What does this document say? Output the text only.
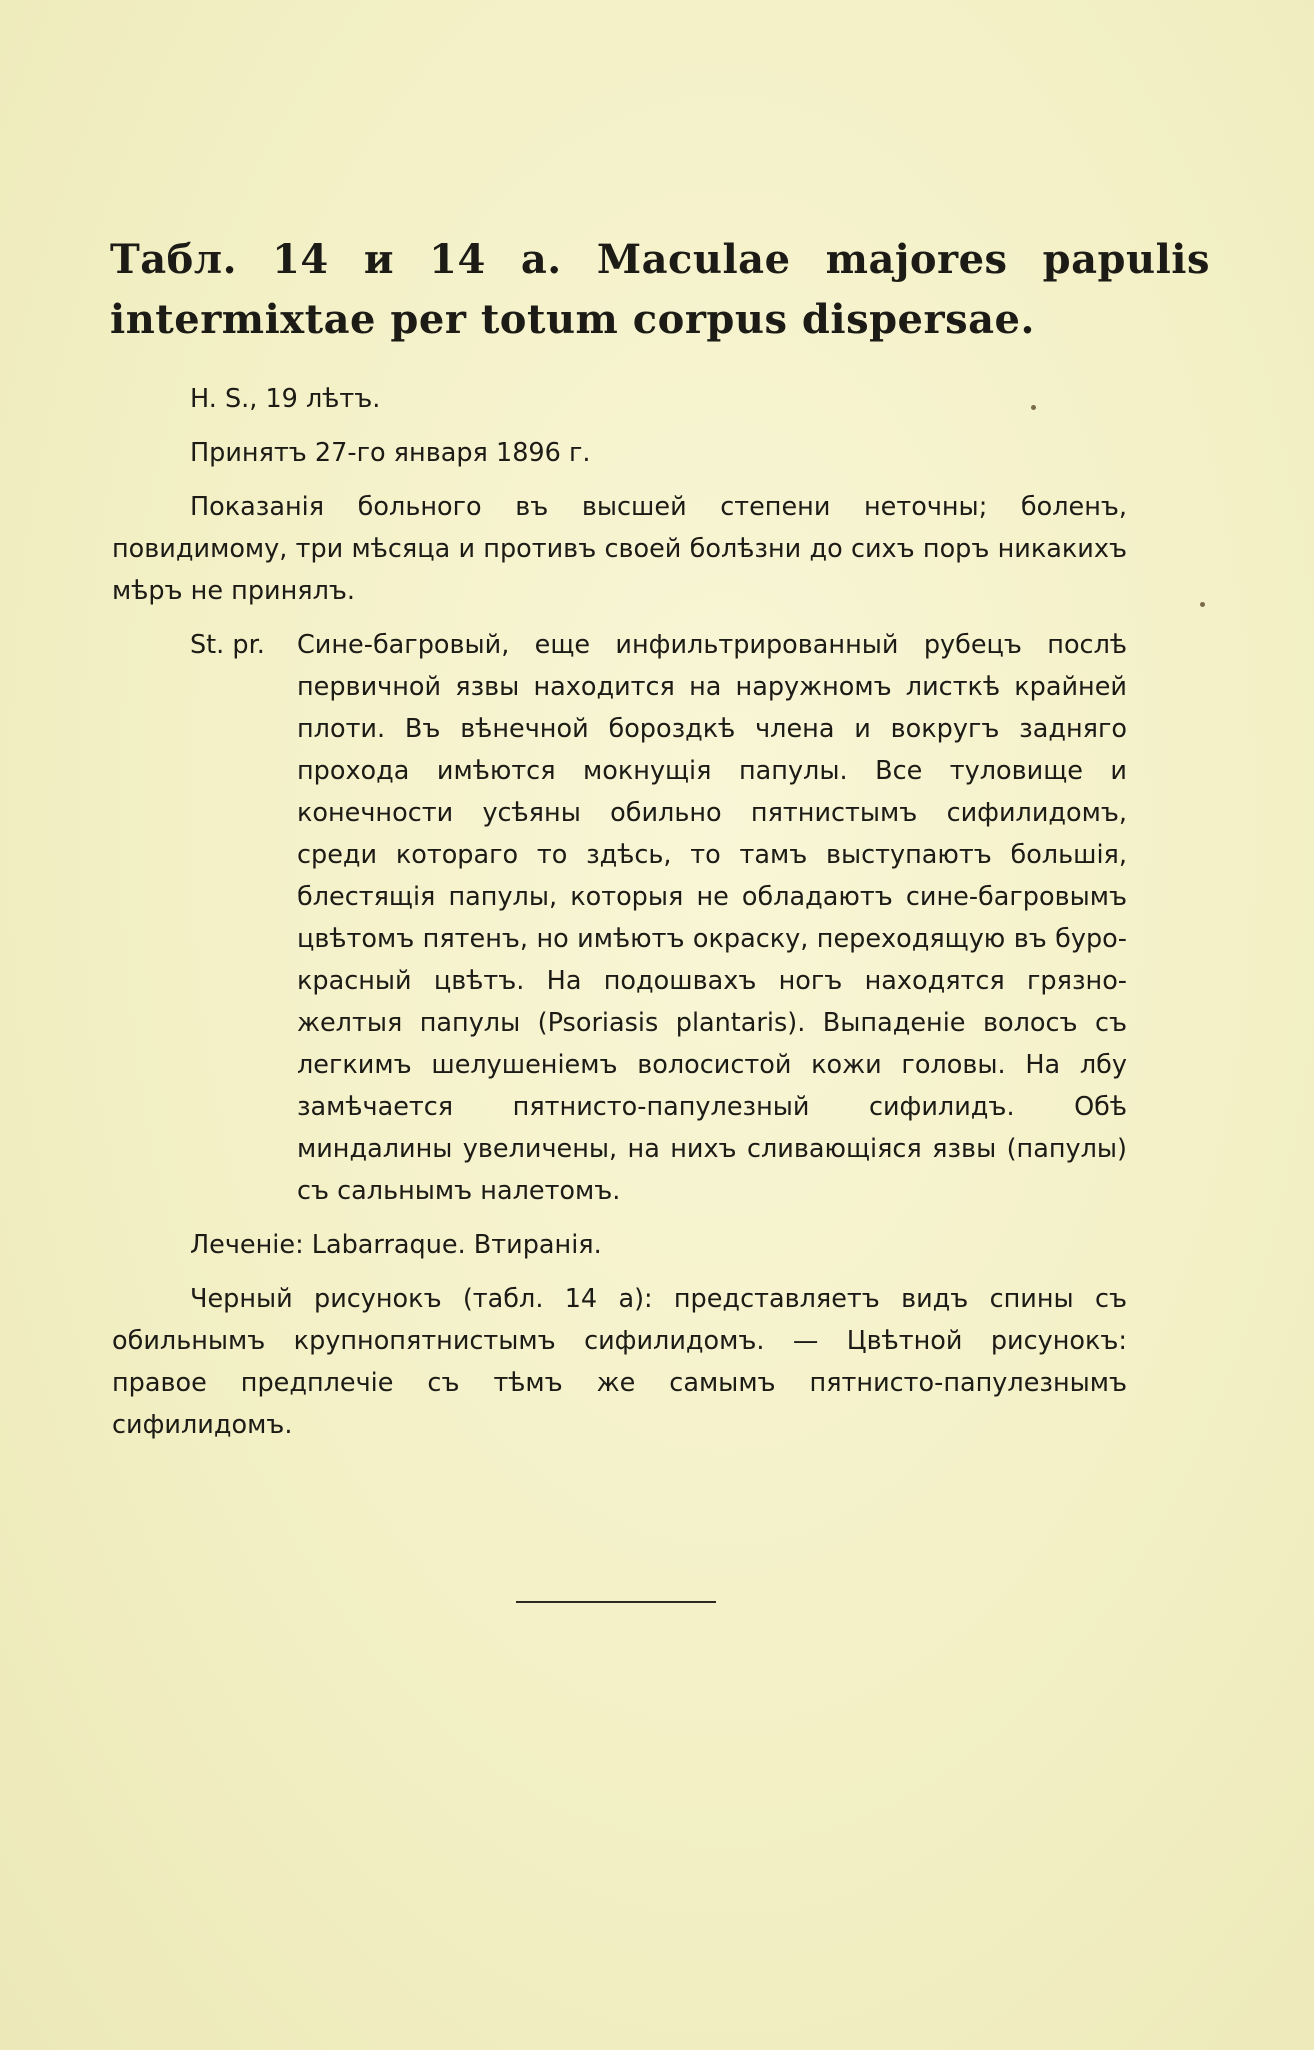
Табл. 14 и 14 a. Maculae majores papulis intermixtae per totum corpus dispersae.

H. S., 19 лѣтъ.

Принятъ 27-го января 1896 г.

Показанія больного въ высшей степени неточны; боленъ, повидимому, три мѣсяца и противъ своей болѣзни до сихъ поръ никакихъ мѣръ не принялъ.

St. pr.	Сине-багровый, еще инфильтрированный рубецъ послѣ первичной язвы находится на наружномъ листкѣ крайней плоти. Въ вѣнечной бороздкѣ члена и вокругъ задняго прохода имѣются мокнущія папулы. Все туловище и конечности усѣяны обильно пятнистымъ сифилидомъ, среди котораго то здѣсь, то тамъ выступаютъ большія, блестящія папулы, которыя не обладаютъ сине-багровымъ цвѣтомъ пятенъ, но имѣютъ окраску, переходящую въ буро-красный цвѣтъ. На подошвахъ ногъ находятся грязно-желтыя папулы (Psoriasis plantaris). Выпаденіе волосъ съ легкимъ шелушеніемъ волосистой кожи головы. На лбу замѣчается пятнисто-папулезный сифилидъ. Обѣ миндалины увеличены, на нихъ сливающіяся язвы (папулы) съ сальнымъ налетомъ.

Леченіе: Labarraque. Втиранія.

Черный рисунокъ (табл. 14 a): представляетъ видъ спины съ обильнымъ крупнопятнистымъ сифилидомъ. — Цвѣтной рисунокъ: правое предплечіе съ тѣмъ же самымъ пятнисто-папулезнымъ сифилидомъ.
